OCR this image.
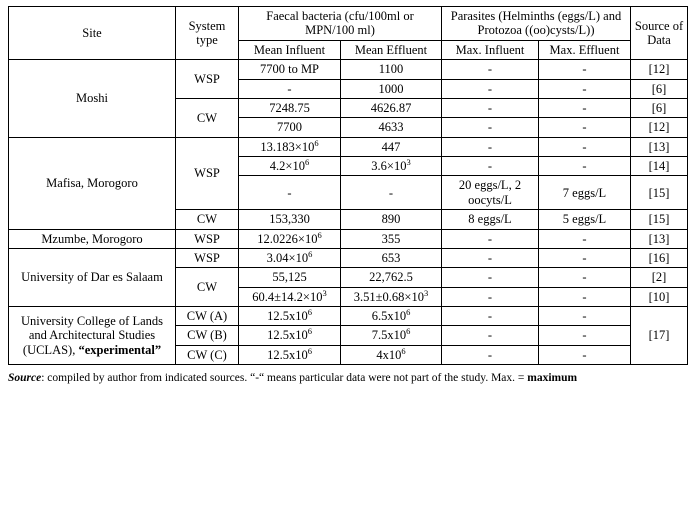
Site	System type	Faecal bacteria (cfu/100ml or MPN/100 ml)		Parasites (Helminths (eggs/L) and Protozoa ((oo)cysts/L))		Source of Data
		Mean Influent	Mean Effluent	Max. Influent	Max. Effluent	
Moshi	WSP	7700 to MP	1100	-	-	[12]
		-	1000	-	-	[6]
	CW	7248.75	4626.87	-	-	[6]
		7700	4633	-	-	[12]
Mafisa, Morogoro	WSP	$13.183\times 10^6$	447	-	-	[13]
		$4.2\times 10^6$	$3.6\times 10^3$	-	-	[14]
		-	-	20 eggs/L, 2 oocyts/L	7 eggs/L	[15]
	CW	153,330	890	8 eggs/L	5 eggs/L	[15]
Mzumbe, Morogoro	WSP	$12.0226\times 10^6$	355	-	-	[13]
University of Dar es Salaam	WSP	$3.04\times 10^6$	653	-	-	[16]
	CW	55,125	22,762.5	-	-	[2]
		$60.4\pm 14.2\times 10^3$	$3.51\pm 0.68\times 10^3$	-	-	[10]
University College of Lands and Architectural Studies (UCLAS), “experimental”	CW (A)	$12.5x10^6$	$6.5x10^6$	-	-	[17]
	CW (B)	$12.5x10^6$	$7.5x10^6$	-	-	
	CW (C)	$12.5x10^6$	$4x10^6$	-	-	
Source: compiled by author from indicated sources. “-“ means particular data were not part of the study. Max. = maximum
